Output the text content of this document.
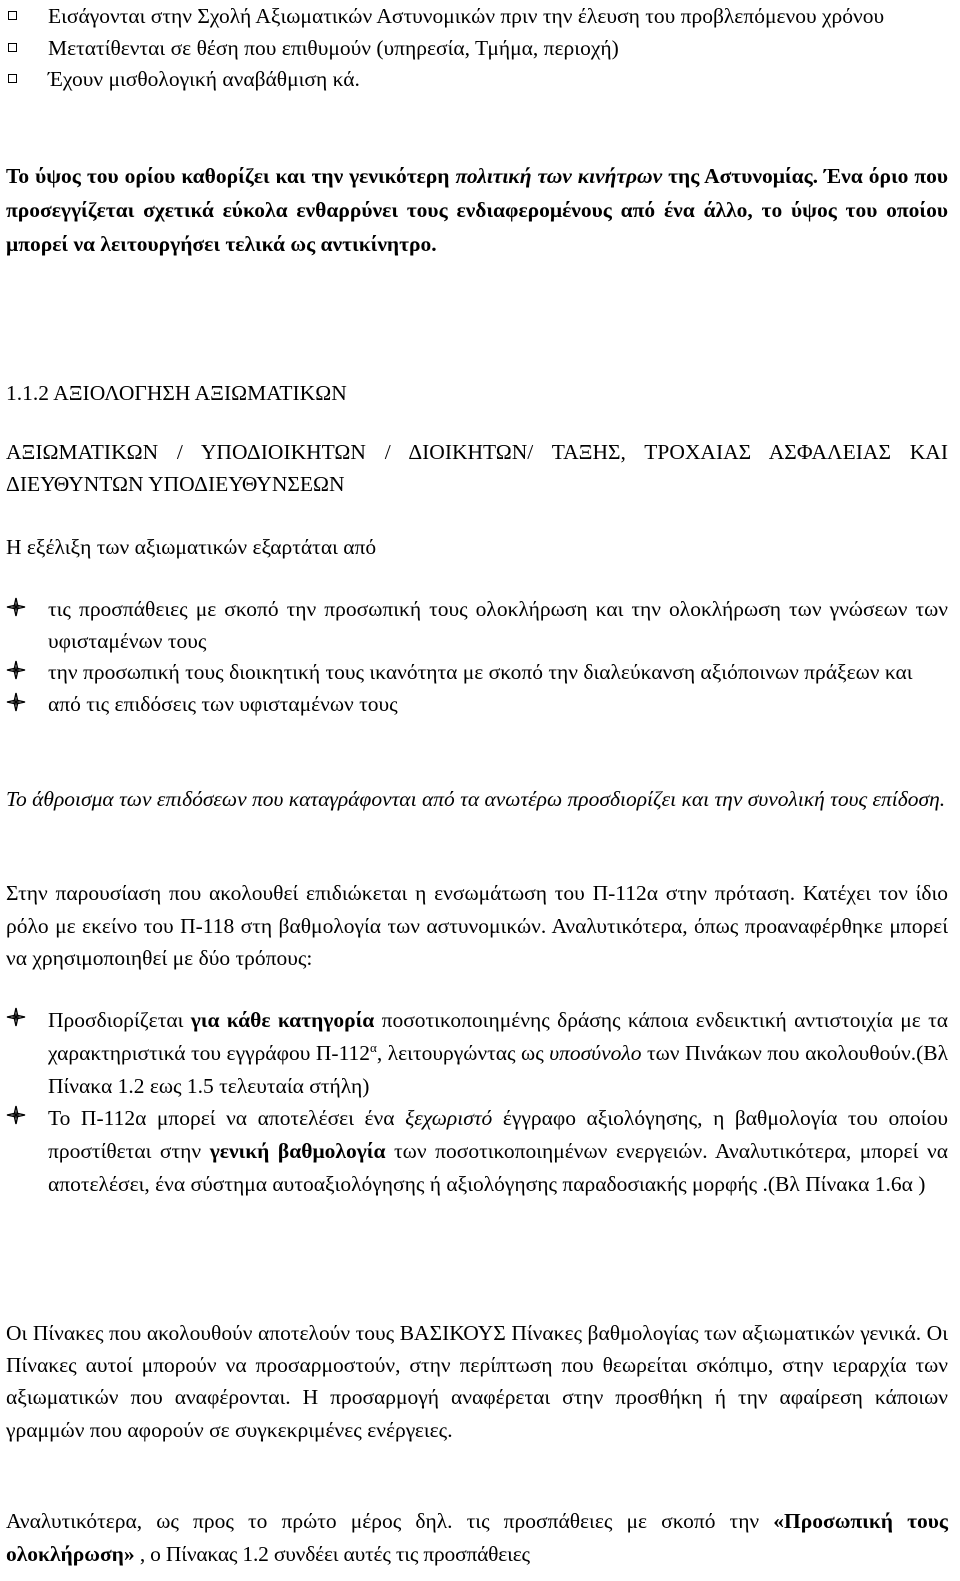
Εισάγονται στην Σχολή Αξιωματικών Αστυνομικών πριν την έλευση του προβλεπόμενου χρόνου
Μετατίθενται σε θέση που επιθυμούν (υπηρεσία, Τμήμα, περιοχή)
Έχουν μισθολογική αναβάθμιση κά.
Το ύψος του ορίου καθορίζει και την γενικότερη πολιτική των κινήτρων της Αστυνομίας. Ένα όριο που προσεγγίζεται σχετικά εύκολα ενθαρρύνει τους ενδιαφερομένους από ένα άλλο, το ύψος του οποίου μπορεί να λειτουργήσει τελικά ως αντικίνητρο.
1.1.2 ΑΞΙΟΛΟΓΗΣΗ ΑΞΙΩΜΑΤΙΚΩΝ
ΑΞΙΩΜΑΤΙΚΩΝ / ΥΠΟΔΙΟΙΚΗΤΩΝ / ΔΙΟΙΚΗΤΩΝ/ ΤΑΞΗΣ, ΤΡΟΧΑΙΑΣ ΑΣΦΑΛΕΙΑΣ ΚΑΙ ΔΙΕΥΘΥΝΤΩΝ ΥΠΟΔΙΕΥΘΥΝΣΕΩΝ
Η εξέλιξη των αξιωματικών εξαρτάται από
τις προσπάθειες με σκοπό την προσωπική τους ολοκλήρωση και την ολοκλήρωση των γνώσεων των υφισταμένων τους
την προσωπική τους διοικητική τους ικανότητα με σκοπό την διαλεύκανση αξιόποινων πράξεων και
από τις επιδόσεις των υφισταμένων τους
Το άθροισμα των επιδόσεων που καταγράφονται από τα ανωτέρω προσδιορίζει και την συνολική τους επίδοση.
Στην παρουσίαση που ακολουθεί επιδιώκεται η ενσωμάτωση του Π-112α στην πρόταση. Κατέχει τον ίδιο ρόλο με εκείνο του Π-118 στη βαθμολογία των αστυνομικών. Αναλυτικότερα, όπως προαναφέρθηκε μπορεί να χρησιμοποιηθεί με δύο τρόπους:
Προσδιορίζεται για κάθε κατηγορία ποσοτικοποιημένης δράσης κάποια ενδεικτική αντιστοιχία με τα χαρακτηριστικά του εγγράφου $\Pi-112^\alpha$, λειτουργώντας ως υποσύνολο των Πινάκων που ακολουθούν.(Βλ Πίνακα 1.2 εως 1.5 τελευταία στήλη)
Το Π-112α μπορεί να αποτελέσει ένα ξεχωριστό έγγραφο αξιολόγησης, η βαθμολογία του οποίου προστίθεται στην γενική βαθμολογία των ποσοτικοποιημένων ενεργειών. Αναλυτικότερα, μπορεί να αποτελέσει, ένα σύστημα αυτοαξιολόγησης ή αξιολόγησης παραδοσιακής μορφής .(Βλ Πίνακα 1.6α )
Οι Πίνακες που ακολουθούν αποτελούν τους ΒΑΣΙΚΟΥΣ Πίνακες βαθμολογίας των αξιωματικών γενικά. Οι Πίνακες αυτοί μπορούν να προσαρμοστούν, στην περίπτωση που θεωρείται σκόπιμο, στην ιεραρχία των αξιωματικών που αναφέρονται. Η προσαρμογή αναφέρεται στην προσθήκη ή την αφαίρεση κάποιων γραμμών που αφορούν σε συγκεκριμένες ενέργειες.
Αναλυτικότερα, ως προς το πρώτο μέρος δηλ. τις προσπάθειες με σκοπό την «Προσωπική τους ολοκλήρωση» , ο Πίνακας 1.2 συνδέει αυτές τις προσπάθειες
